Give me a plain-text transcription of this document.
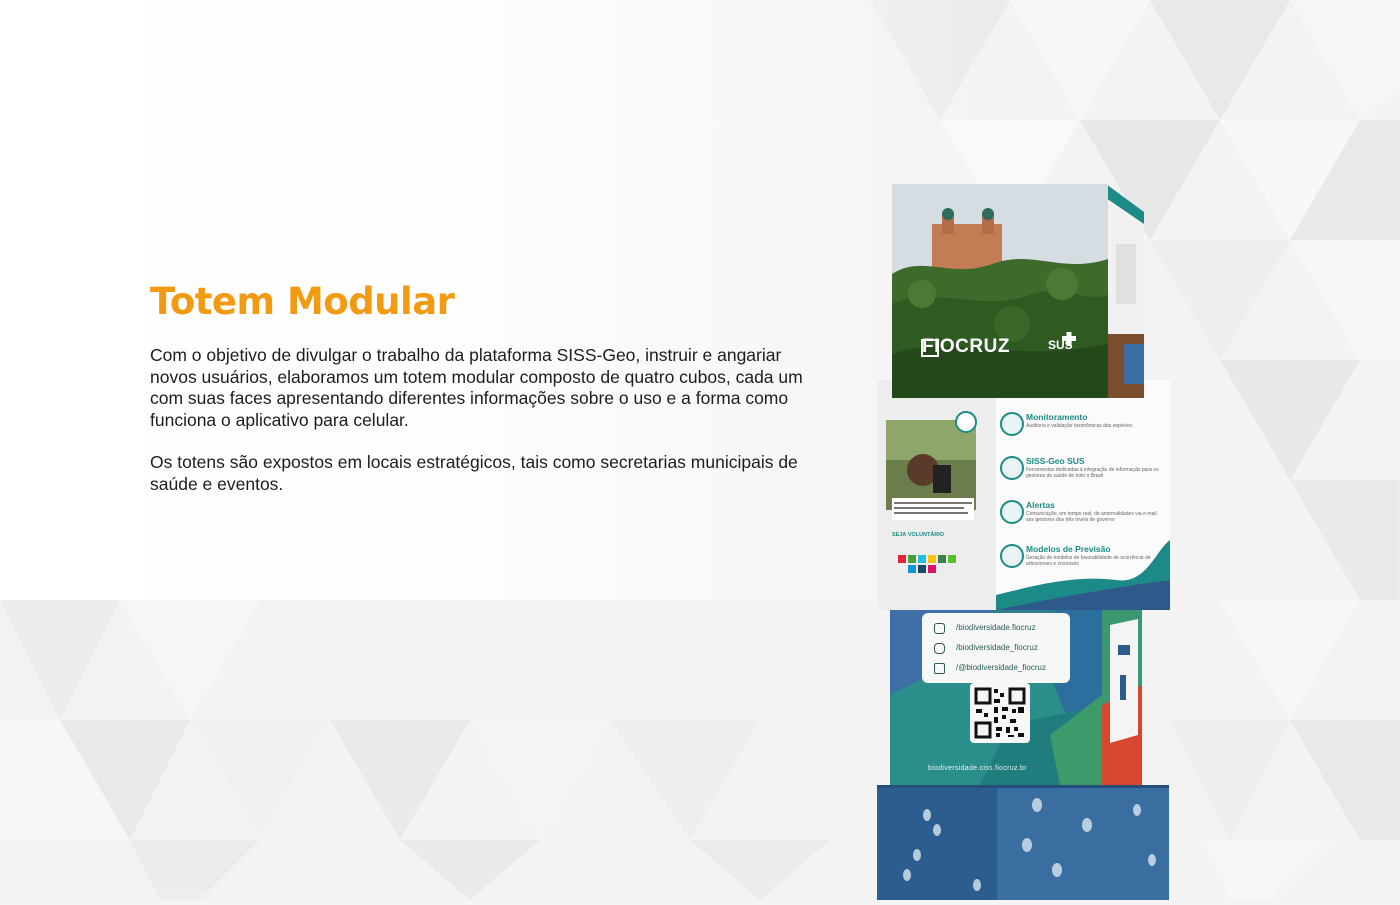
Totem Modular

Com o objetivo de divulgar o trabalho da plataforma SISS-Geo, instruir e angariar novos usuários, elaboramos um totem modular composto de quatro cubos, cada um com suas faces apresentando diferentes informações sobre o uso e a forma como funciona o aplicativo para celular.

Os totens são expostos em locais estratégicos, tais como secretarias municipais de saúde e eventos.

/biodiversidade.fiocruz
/biodiversidade_fiocruz
/@biodiversidade_fiocruz
biodiversidade.ciss.fiocruz.br
SEJA VOLUNTÁRIO
Monitoramento
Auditoria e validação taxonômicas das espécies
SISS-Geo SUS
Ferramentas dedicadas à integração de informação para os gestores de saúde de todo o Brasil
Alertas
Comunicação, em tempo real, de anormalidades via e-mail aos gestores dos três níveis de governo
Modelos de Previsão
Geração de modelos de favorabilidade de ocorrência de arboviroses e zoonoses
FIOCRUZ	SUS
